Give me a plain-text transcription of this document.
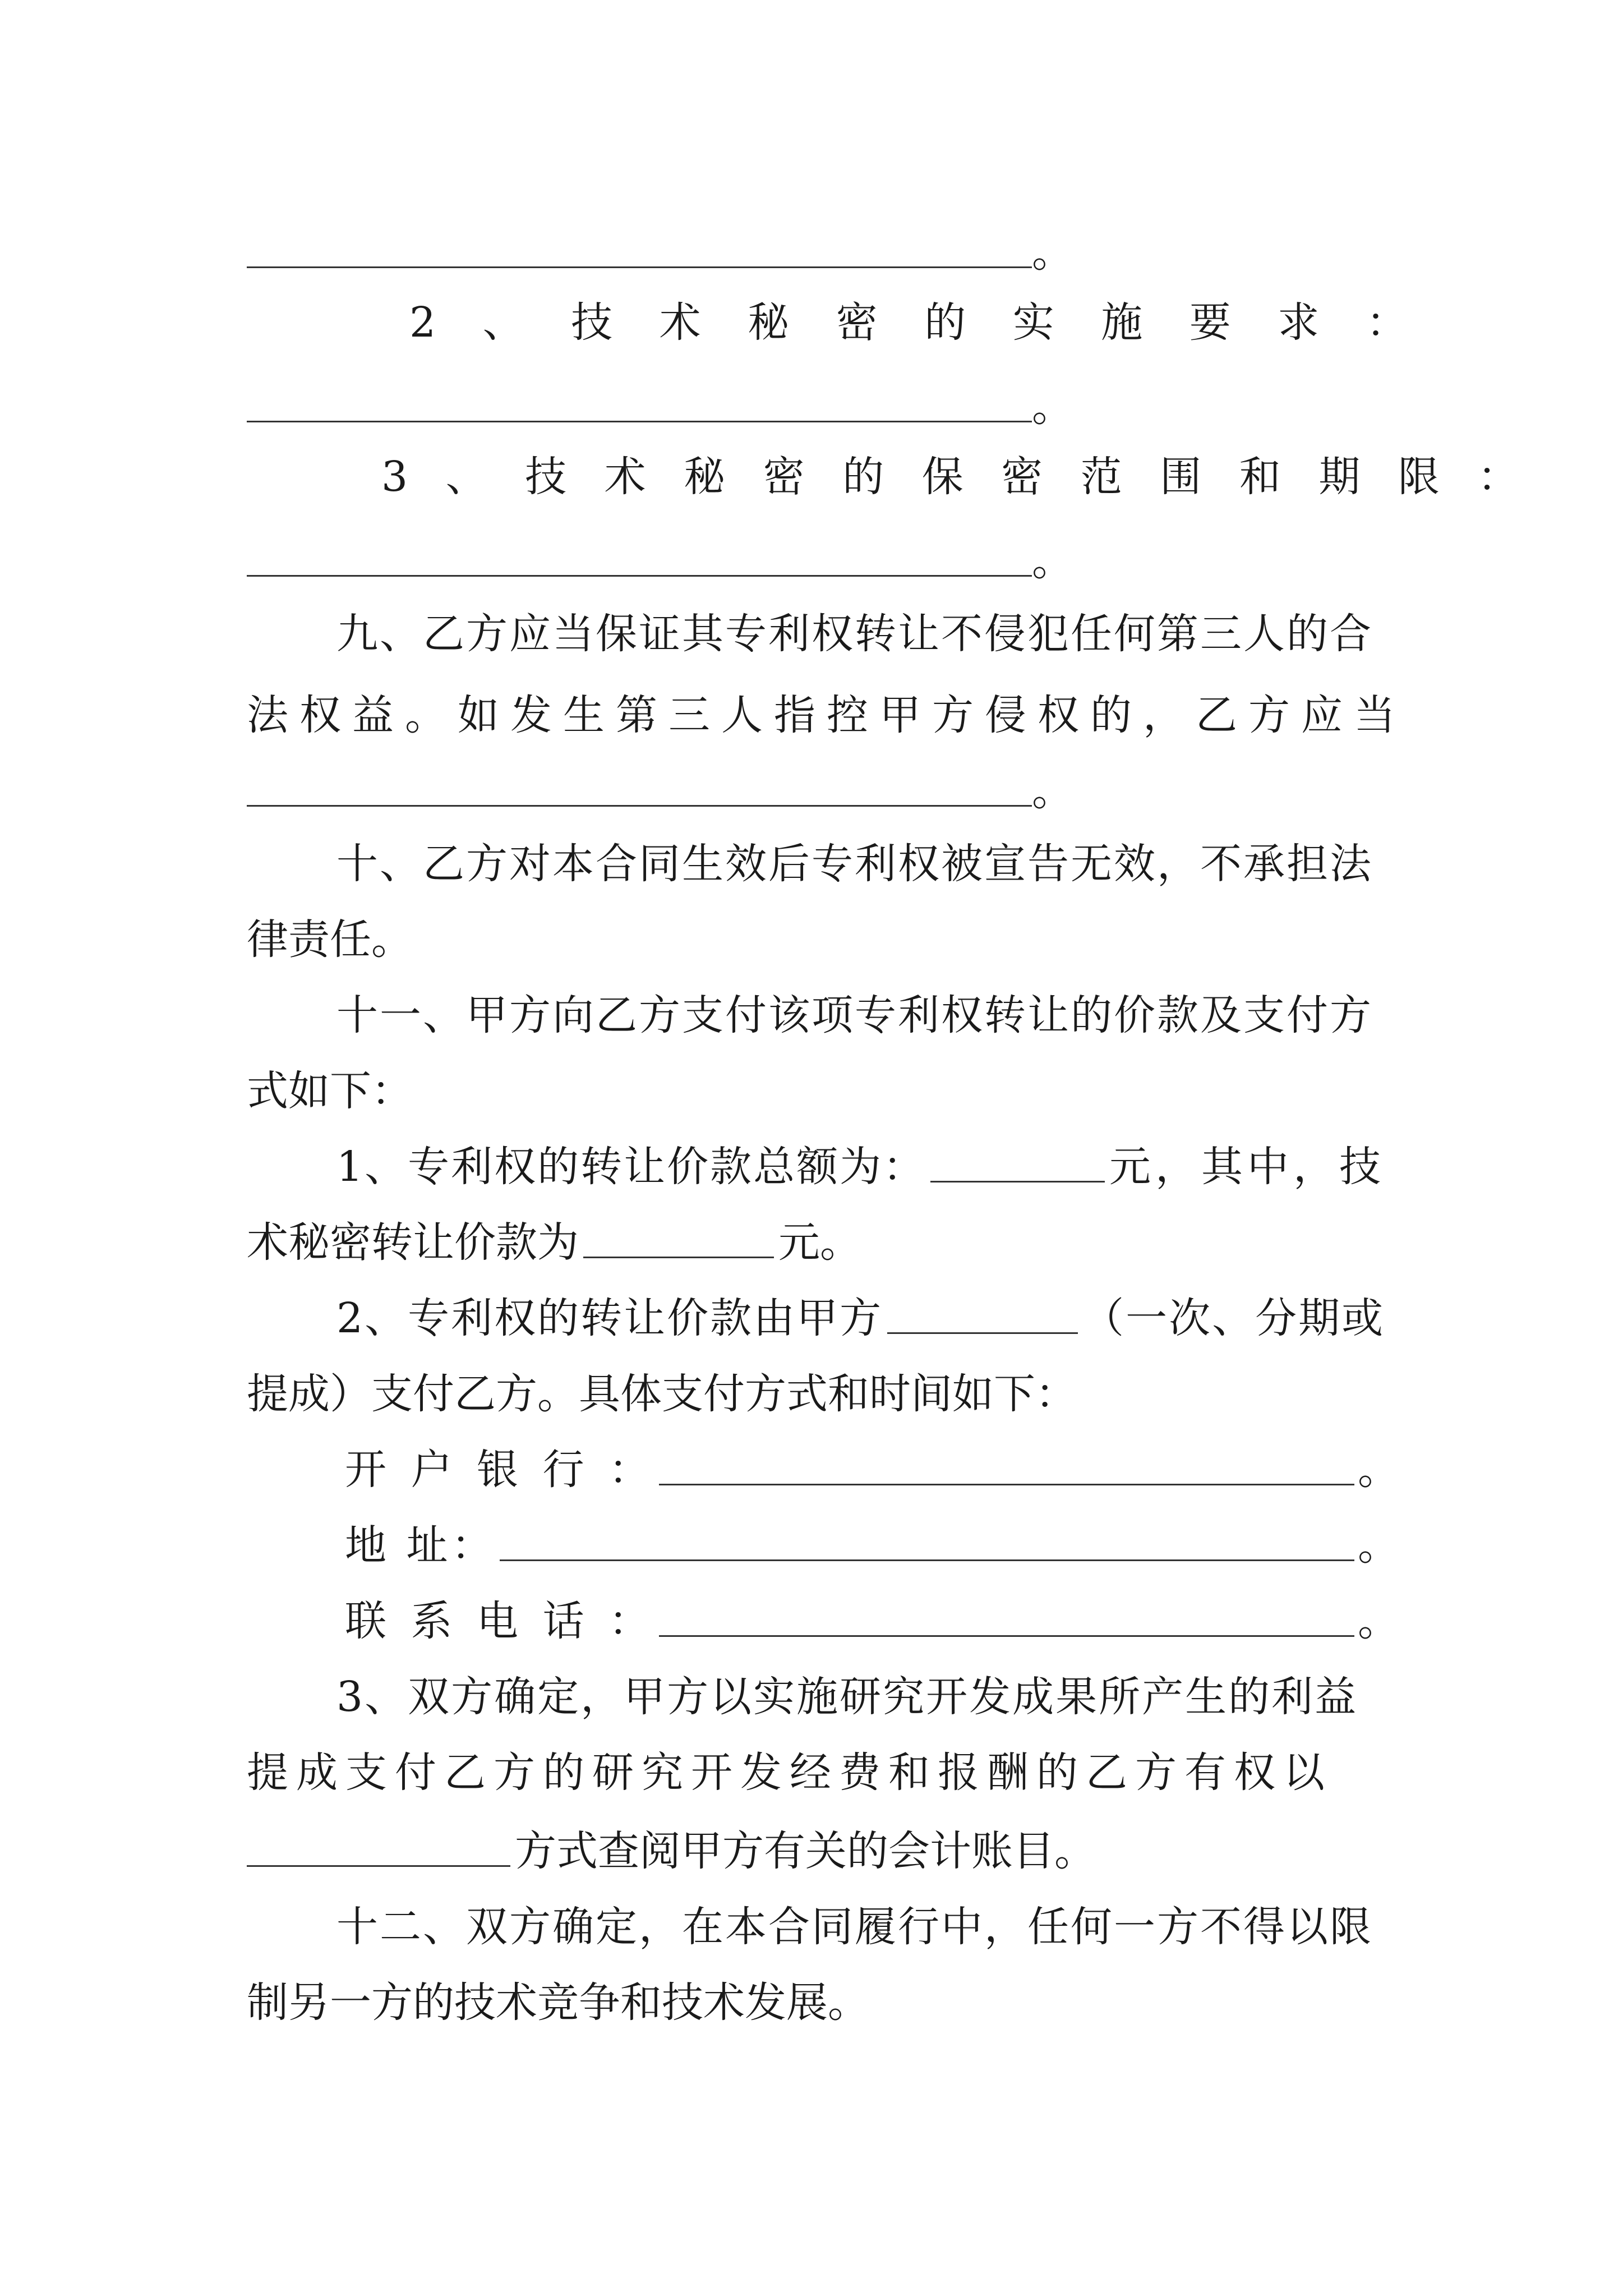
。
2 、 技 术 秘 密 的 实 施 要 求 ：
。
3 、 技 术 秘 密 的 保 密 范 围 和 期 限 ：
。
九、乙方应当保证其专利权转让不侵犯任何第三人的合
法权益。如发生第三人指控甲方侵权的，乙方应当
。
十、乙方对本合同生效后专利权被宣告无效，不承担法
律责任。
十一、甲方向乙方支付该项专利权转让的价款及支付方
式如下：
1、专利权的转让价款总额为：	元，其中，技
术秘密转让价款为	元。
2、专利权的转让价款由甲方	（一次、分期或
提成）支付乙方。具体支付方式和时间如下：
开 户 银 行 ：	。
地 址：	。
联 系 电 话 ：	。
3、双方确定，甲方以实施研究开发成果所产生的利益
提成支付乙方的研究开发经费和报酬的乙方有权以
方式查阅甲方有关的会计账目。
十二、双方确定，在本合同履行中，任何一方不得以限
制另一方的技术竞争和技术发展。
